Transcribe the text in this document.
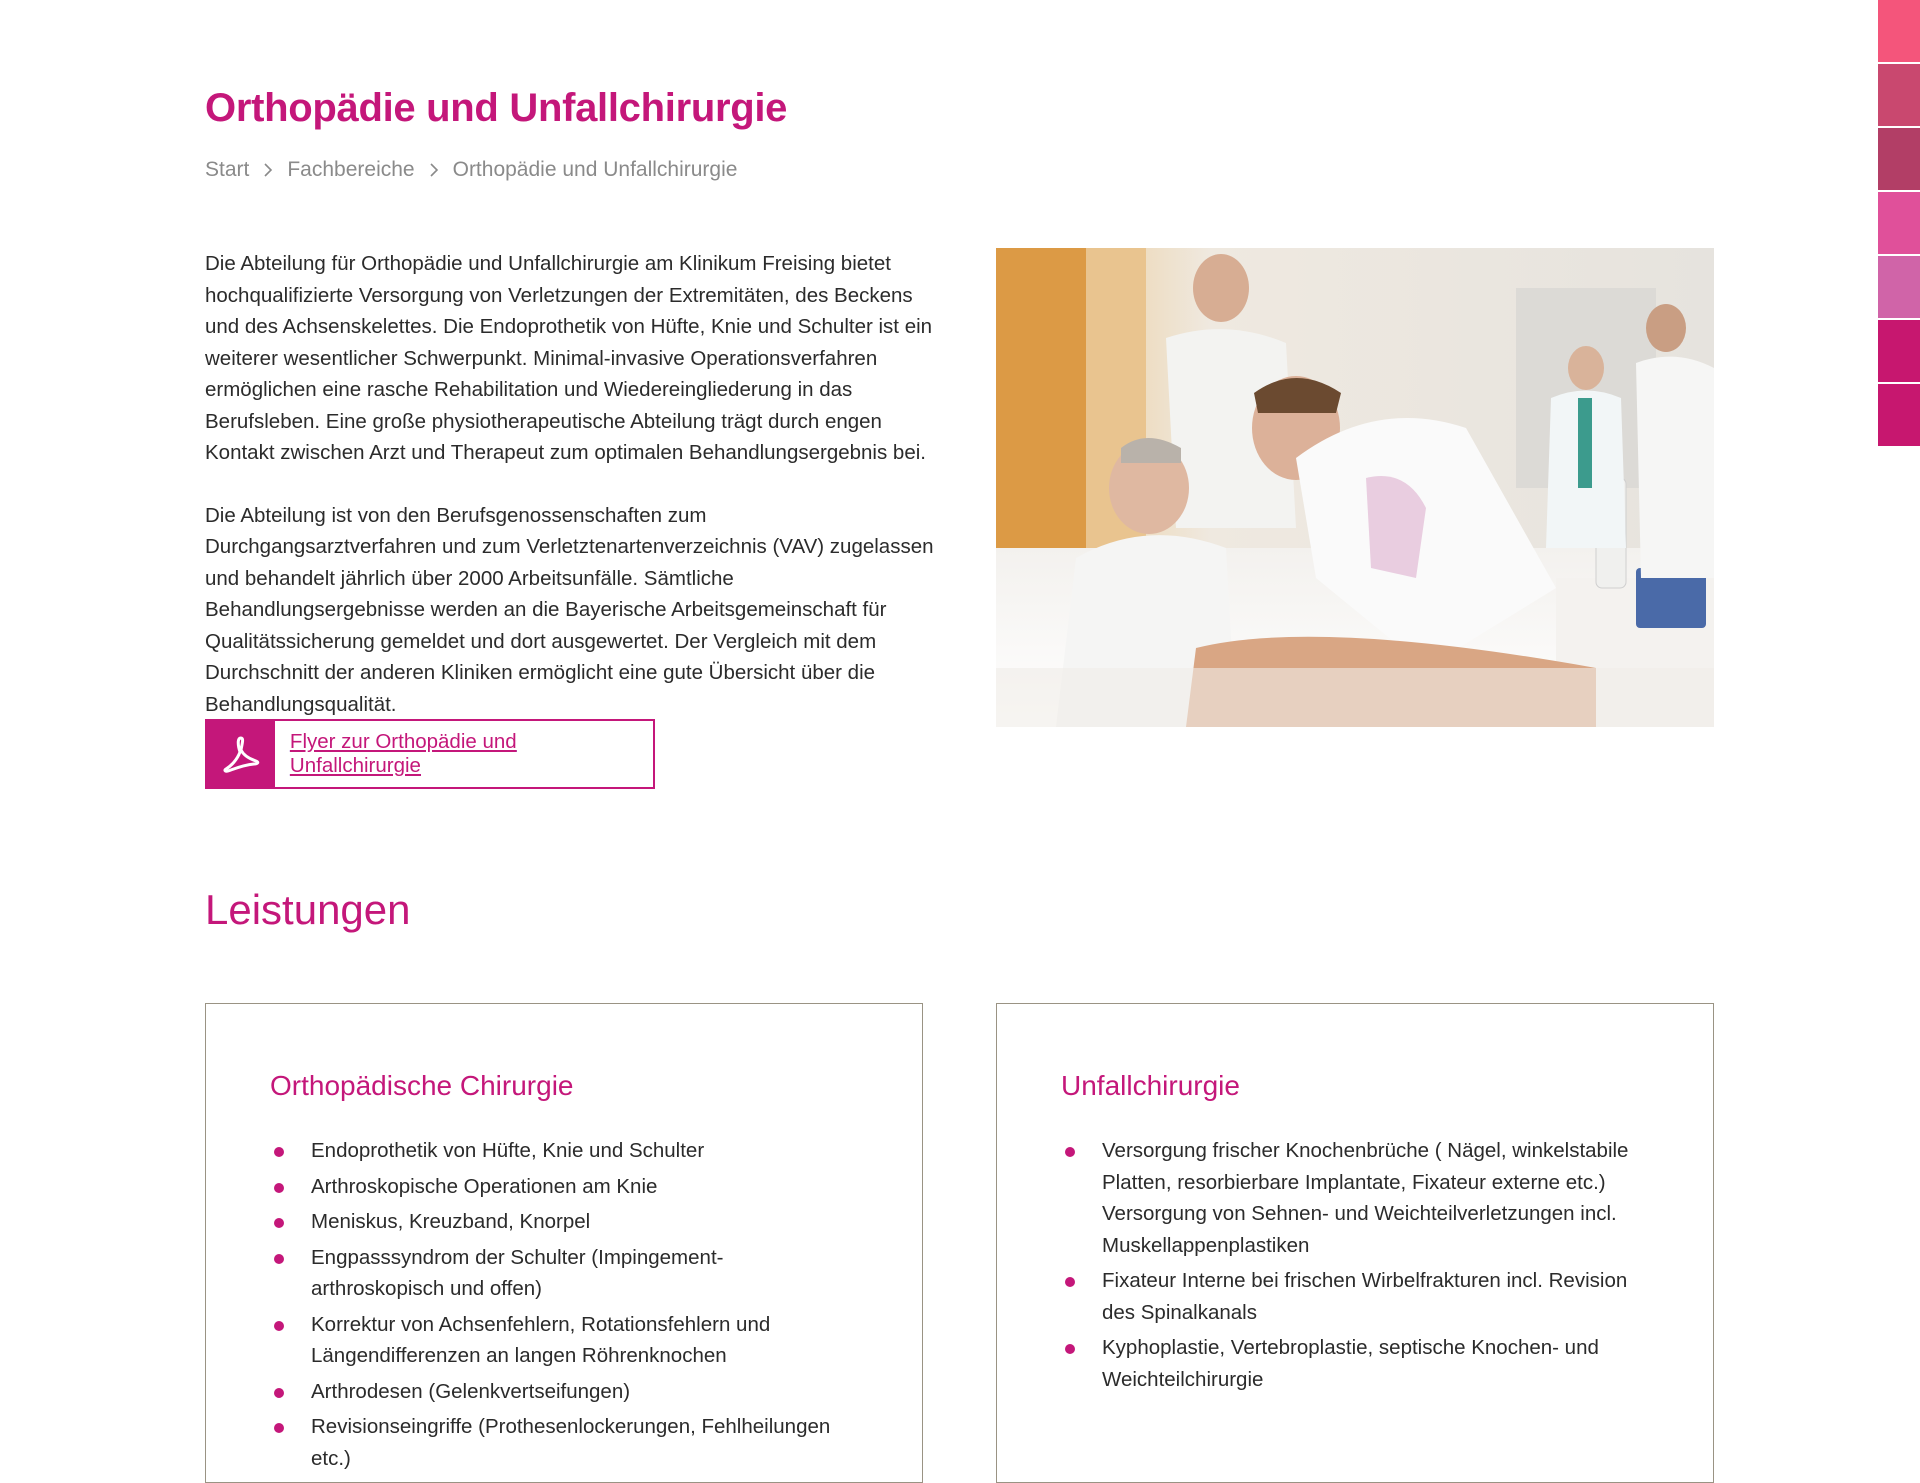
Orthopädie und Unfallchirurgie
Start Fachbereiche Orthopädie und Unfallchirurgie

Die Abteilung für Orthopädie und Unfallchirurgie am Klinikum Freising bietet hochqualifizierte Versorgung von Verletzungen der Extremitäten, des Beckens und des Achsenskelettes. Die Endoprothetik von Hüfte, Knie und Schulter ist ein weiterer wesentlicher Schwerpunkt. Minimal-invasive Operationsverfahren ermöglichen eine rasche Rehabilitation und Wiedereingliederung in das Berufsleben. Eine große physiotherapeutische Abteilung trägt durch engen Kontakt zwischen Arzt und Therapeut zum optimalen Behandlungsergebnis bei.

Die Abteilung ist von den Berufsgenossenschaften zum Durchgangsarztverfahren und zum Verletztenartenverzeichnis (VAV) zugelassen und behandelt jährlich über 2000 Arbeitsunfälle. Sämtliche Behandlungsergebnisse werden an die Bayerische Arbeitsgemeinschaft für Qualitätssicherung gemeldet und dort ausgewertet. Der Vergleich mit dem Durchschnitt der anderen Kliniken ermöglicht eine gute Übersicht über die Behandlungsqualität.

Flyer zur Orthopädie und Unfallchirurgie
Leistungen
Orthopädische Chirurgie
Endoprothetik von Hüfte, Knie und Schulter
Arthroskopische Operationen am Knie
Meniskus, Kreuzband, Knorpel
Engpasssyndrom der Schulter (Impingement-arthroskopisch und offen)
Korrektur von Achsenfehlern, Rotationsfehlern und Längendifferenzen an langen Röhrenknochen
Arthrodesen (Gelenkvertseifungen)
Revisionseingriffe (Prothesenlockerungen, Fehlheilungen etc.)
Unfallchirurgie
Versorgung frischer Knochenbrüche ( Nägel, winkelstabile Platten, resorbierbare Implantate, Fixateur externe etc.) Versorgung von Sehnen- und Weichteilverletzungen incl. Muskellappenplastiken
Fixateur Interne bei frischen Wirbelfrakturen incl. Revision des Spinalkanals
Kyphoplastie, Vertebroplastie, septische Knochen- und Weichteilchirurgie
